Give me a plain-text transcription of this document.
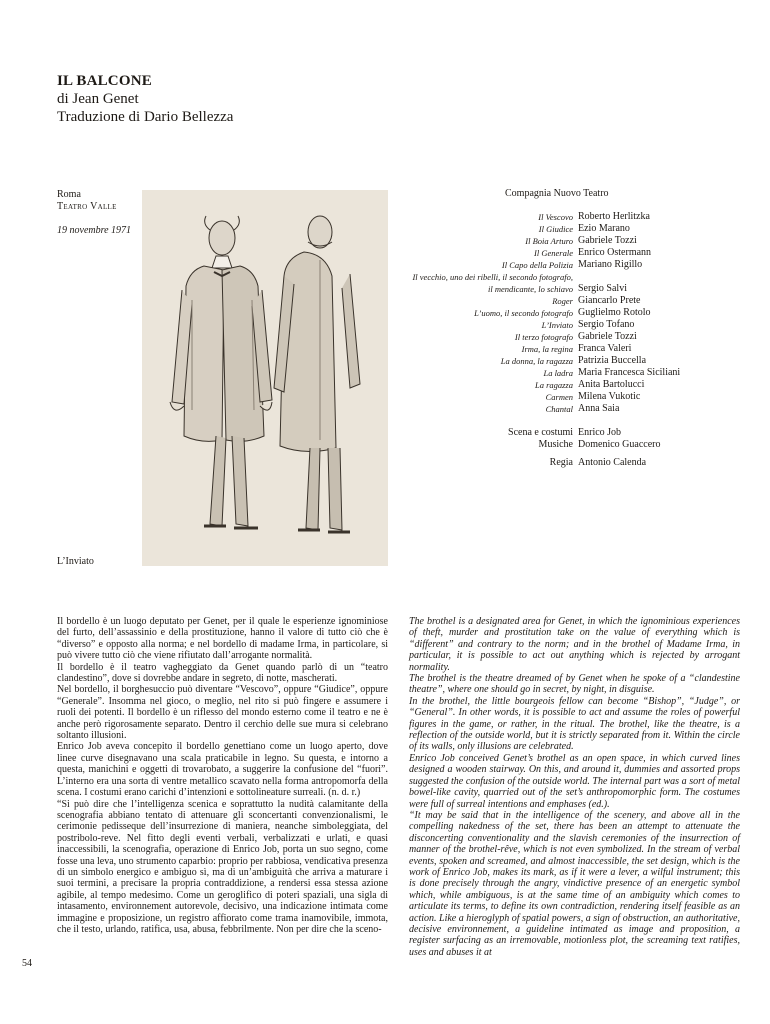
IL BALCONE
di Jean Genet
Traduzione di Dario Bellezza
Roma
Teatro Valle
19 novembre 1971
L’Inviato
Compagnia Nuovo Teatro
Il Vescovo	Roberto Herlitzka
Il Giudice	Ezio Marano
Il Boia Arturo	Gabriele Tozzi
Il Generale	Enrico Ostermann
Il Capo della Polizia	Mariano Rigillo
Il vecchio, uno dei ribelli, il secondo fotografo,	
il mendicante, lo schiavo	Sergio Salvi
Roger	Giancarlo Prete
L’uomo, il secondo fotografo	Guglielmo Rotolo
L’Inviato	Sergio Tofano
Il terzo fotografo	Gabriele Tozzi
Irma, la regina	Franca Valeri
La donna, la ragazza	Patrizia Buccella
La ladra	Maria Francesca Siciliani
La ragazza	Anita Bartolucci
Carmen	Milena Vukotic
Chantal	Anna Saia

Scena e costumi	Enrico Job
Musiche	Domenico Guaccero

Regia	Antonio Calenda

Il bordello è un luogo deputato per Genet, per il quale le esperienze ignominiose del furto, dell’assassinio e della prostituzione, hanno il valore di tutto ciò che è “diverso” e opposto alla norma; e nel bordello di madame Irma, in particolare, si può vivere tutto ciò che viene rifiutato dall’arrogante normalità.

Il bordello è il teatro vagheggiato da Genet quando parlò di un “teatro clandestino”, dove si dovrebbe andare in segreto, di notte, mascherati.

Nel bordello, il borghesuccio può diventare “Vescovo”, oppure “Giudice”, oppure “Generale”. Insomma nel gioco, o meglio, nel rito si può fingere e assumere i ruoli dei potenti. Il bordello è un riflesso del mondo esterno come il teatro e ne è anche però rigorosamente separato. Dentro il cerchio delle sue mura si celebrano soltanto illusioni.

Enrico Job aveva concepito il bordello genettiano come un luogo aperto, dove linee curve disegnavano una scala praticabile in legno. Su questa, e intorno a questa, manichini e oggetti di trovarobato, a suggerire la confusione del “fuori”. L’interno era una sorta di ventre metallico scavato nella forma antropomorfa della scena. I costumi erano carichi d’intenzioni e sottolineature surreali. (n. d. r.)

“Si può dire che l’intelligenza scenica e soprattutto la nudità calamitante della scenografia abbiano tentato di attenuare gli sconcertanti convenzionalismi, le cerimonie pedisseque dell’insurrezione di maniera, neanche simboleggiata, del postribolo-reve. Nel fitto degli eventi verbali, verbalizzati e urlati, e quasi inaccessibili, la scenografia, operazione di Enrico Job, porta un suo segno, come fosse una leva, uno strumento caparbio: proprio per rabbiosa, vendicativa presenza di un simbolo energico e ambiguo sì, ma di un’ambiguità che arriva a maturare i suoi termini, a precisare la propria contraddizione, a rendersi essa stessa azione agibile, al tempo medesimo. Come un geroglifico di poteri spaziali, una sigla di intasamento, environnement autorevole, decisivo, una indicazione intimata come immagine e proposizione, un registro affiorato come trama inamovibile, immota, che il testo, urlando, ratifica, usa, abusa, febbrilmente. Non per dire che la sceno-

The brothel is a designated area for Genet, in which the ignominious experiences of theft, murder and prostitution take on the value of everything which is “different” and contrary to the norm; and in the brothel of Madame Irma, in particular, it is possible to act out anything which is rejected by arrogant normality.

The brothel is the theatre dreamed of by Genet when he spoke of a “clandestine theatre”, where one should go in secret, by night, in disguise.

In the brothel, the little bourgeois fellow can become “Bishop”, “Judge”, or “General”. In other words, it is possible to act and assume the roles of powerful figures in the game, or rather, in the ritual. The brothel, like the theatre, is a reflection of the outside world, but it is strictly separated from it. Within the circle of its walls, only illusions are celebrated.

Enrico Job conceived Genet’s brothel as an open space, in which curved lines designed a wooden stairway. On this, and around it, dummies and assorted props suggested the confusion of the outside world. The internal part was a sort of metal bowel-like cavity, quarried out of the set’s anthropomorphic form. The costumes were full of surreal intentions and emphases (ed.).

“It may be said that in the intelligence of the scenery, and above all in the compelling nakedness of the set, there has been an attempt to attenuate the disconcerting conventionality and the slavish ceremonies of the insurrection of manner of the brothel-rêve, which is not even symbolized. In the stream of verbal events, spoken and screamed, and almost inaccessible, the set design, which is the work of Enrico Job, makes its mark, as if it were a lever, a wilful instrument; this is done precisely through the angry, vindictive presence of an energetic symbol which, while ambiguous, is at the same time of an ambiguity which comes to articulate its terms, to define its own contradiction, rendering itself feasible as an action. Like a hieroglyph of spatial powers, a sign of obstruction, an authoritative, decisive environnement, a guideline intimated as image and proposition, a register surfacing as an irremovable, motionless plot, the screaming text ratifies, uses and abuses it at

54
